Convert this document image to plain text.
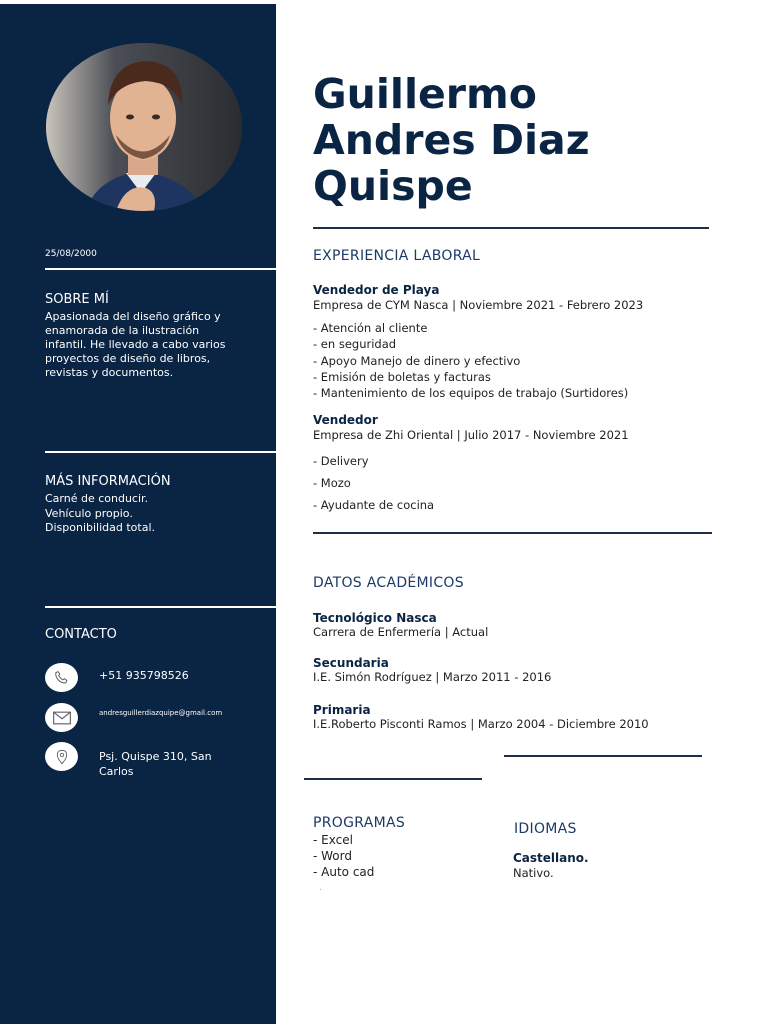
25/08/2000
SOBRE MÍ
Apasionada del diseño gráfico y
enamorada de la ilustración
infantil. He llevado a cabo varios
proyectos de diseño de libros,
revistas y documentos.
MÁS INFORMACIÓN
Carné de conducir.
Vehículo propio.
Disponibilidad total.
CONTACTO
+51 935798526
andresguillerdiazquipe@gmail.com
Psj. Quispe 310, San
Carlos
Guillermo
Andres Diaz
Quispe
EXPERIENCIA LABORAL
Vendedor de Playa
Empresa de CYM Nasca | Noviembre 2021 - Febrero 2023
- Atención al cliente
- en seguridad
- Apoyo Manejo de dinero y efectivo
- Emisión de boletas y facturas
- Mantenimiento de los equipos de trabajo (Surtidores)
Vendedor
Empresa de Zhi Oriental | Julio 2017 - Noviembre 2021
- Delivery
- Mozo
- Ayudante de cocina
DATOS ACADÉMICOS
Tecnológico Nasca
Carrera de Enfermería | Actual
Secundaria
I.E. Simón Rodríguez | Marzo 2011 - 2016
Primaria
I.E.Roberto Pisconti Ramos | Marzo 2004 - Diciembre 2010
PROGRAMAS
- Excel
- Word
- Auto cad
.
IDIOMAS
Castellano.
Nativo.
